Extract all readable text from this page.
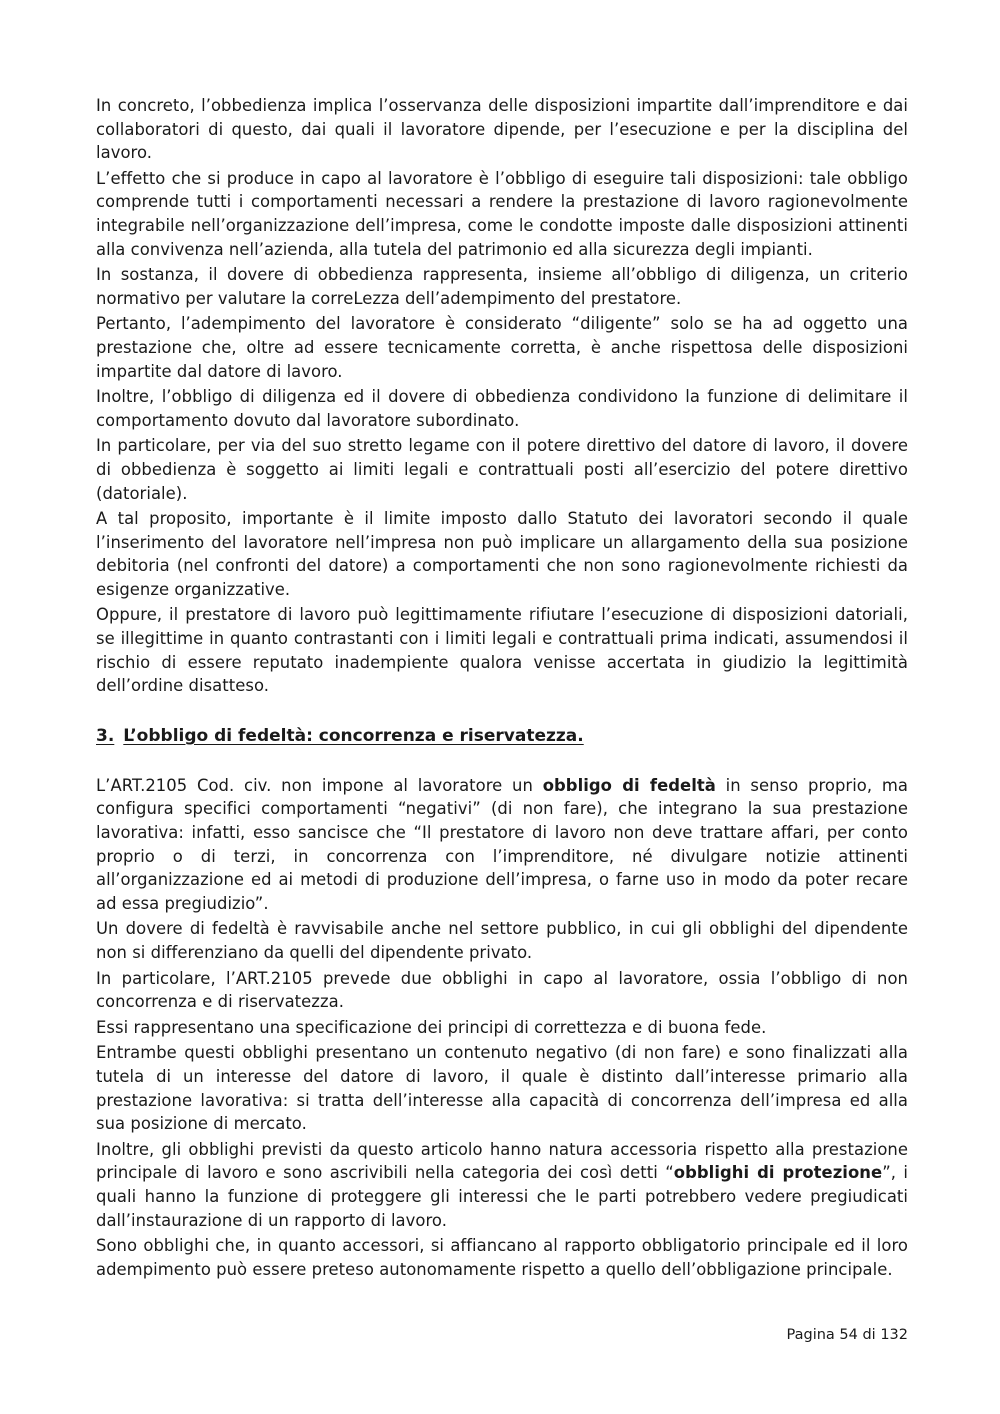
In concreto, l’obbedienza implica l’osservanza delle disposizioni impartite dall’imprenditore e dai collaboratori di questo, dai quali il lavoratore dipende, per l’esecuzione e per la disciplina del lavoro.

L’effetto che si produce in capo al lavoratore è l’obbligo di eseguire tali disposizioni: tale obbligo comprende tutti i comportamenti necessari a rendere la prestazione di lavoro ragionevolmente integrabile nell’organizzazione dell’impresa, come le condotte imposte dalle disposizioni attinenti alla convivenza nell’azienda, alla tutela del patrimonio ed alla sicurezza degli impianti.

In sostanza, il dovere di obbedienza rappresenta, insieme all’obbligo di diligenza, un criterio normativo per valutare la correLezza dell’adempimento del prestatore.

Pertanto, l’adempimento del lavoratore è considerato “diligente” solo se ha ad oggetto una prestazione che, oltre ad essere tecnicamente corretta, è anche rispettosa delle disposizioni impartite dal datore di lavoro.

Inoltre, l’obbligo di diligenza ed il dovere di obbedienza condividono la funzione di delimitare il comportamento dovuto dal lavoratore subordinato.

In particolare, per via del suo stretto legame con il potere direttivo del datore di lavoro, il dovere di obbedienza è soggetto ai limiti legali e contrattuali posti all’esercizio del potere direttivo (datoriale).

A tal proposito, importante è il limite imposto dallo Statuto dei lavoratori secondo il quale l’inserimento del lavoratore nell’impresa non può implicare un allargamento della sua posizione debitoria (nel confronti del datore) a comportamenti che non sono ragionevolmente richiesti da esigenze organizzative.

Oppure, il prestatore di lavoro può legittimamente rifiutare l’esecuzione di disposizioni datoriali, se illegittime in quanto contrastanti con i limiti legali e contrattuali prima indicati, assumendosi il rischio di essere reputato inadempiente qualora venisse accertata in giudizio la legittimità dell’ordine disatteso.

3. L’obbligo di fedeltà: concorrenza e riservatezza.

L’ART.2105 Cod. civ. non impone al lavoratore un obbligo di fedeltà in senso proprio, ma configura specifici comportamenti “negativi” (di non fare), che integrano la sua prestazione lavorativa: infatti, esso sancisce che “Il prestatore di lavoro non deve trattare affari, per conto proprio o di terzi, in concorrenza con l’imprenditore, né divulgare notizie attinenti all’organizzazione ed ai metodi di produzione dell’impresa, o farne uso in modo da poter recare ad essa pregiudizio”.

Un dovere di fedeltà è ravvisabile anche nel settore pubblico, in cui gli obblighi del dipendente non si differenziano da quelli del dipendente privato.

In particolare, l’ART.2105 prevede due obblighi in capo al lavoratore, ossia l’obbligo di non concorrenza e di riservatezza.

Essi rappresentano una specificazione dei principi di correttezza e di buona fede.

Entrambe questi obblighi presentano un contenuto negativo (di non fare) e sono finalizzati alla tutela di un interesse del datore di lavoro, il quale è distinto dall’interesse primario alla prestazione lavorativa: si tratta dell’interesse alla capacità di concorrenza dell’impresa ed alla sua posizione di mercato.

Inoltre, gli obblighi previsti da questo articolo hanno natura accessoria rispetto alla prestazione principale di lavoro e sono ascrivibili nella categoria dei così detti “obblighi di protezione”, i quali hanno la funzione di proteggere gli interessi che le parti potrebbero vedere pregiudicati dall’instaurazione di un rapporto di lavoro.

Sono obblighi che, in quanto accessori, si affiancano al rapporto obbligatorio principale ed il loro adempimento può essere preteso autonomamente rispetto a quello dell’obbligazione principale.

Pagina 54 di 132
